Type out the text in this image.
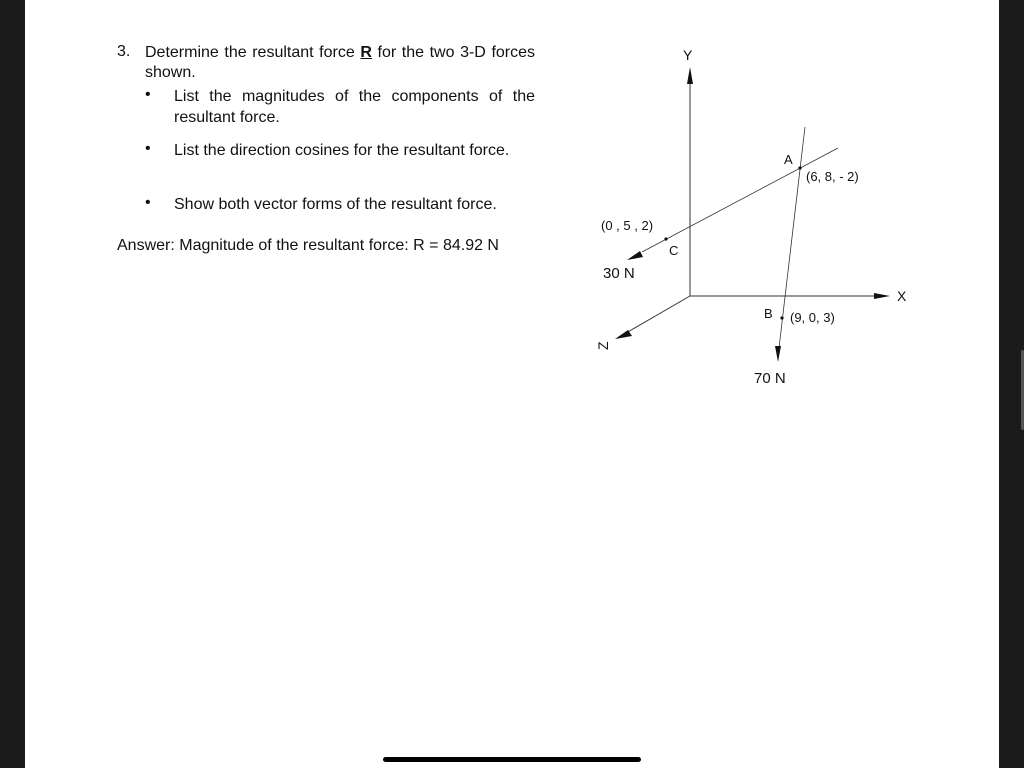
3. Determine the resultant force R for the two 3-D forces shown.
• List the magnitudes of the components of the resultant force.
• List the direction cosines for the resultant force.
• Show both vector forms of the resultant force.
Answer: Magnitude of the resultant force: R = 84.92 N
Y
X
Z
A
(6, 8, - 2)
B (9, 0, 3)
C
(0 , 5 , 2)
30 N
70 N
